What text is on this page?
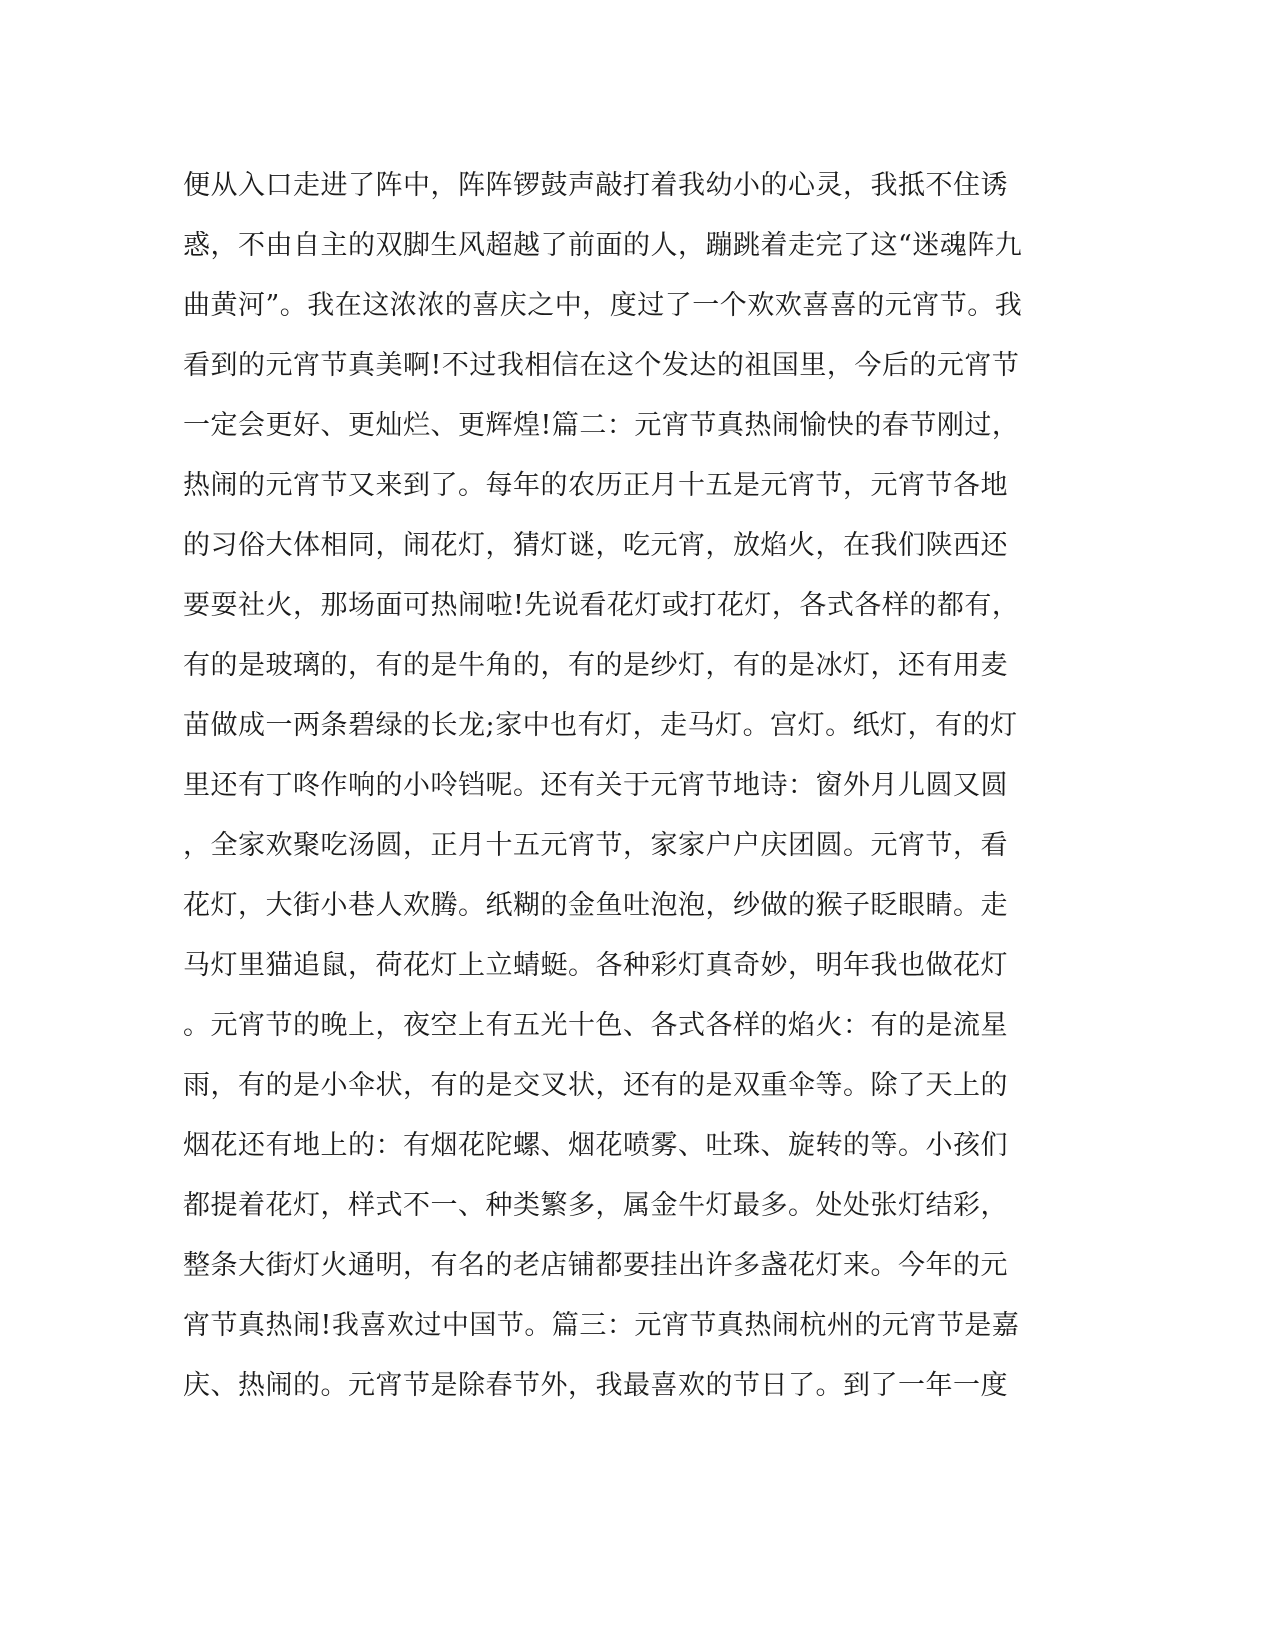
便从入口走进了阵中，阵阵锣鼓声敲打着我幼小的心灵，我抵不住诱
惑，不由自主的双脚生风超越了前面的人，蹦跳着走完了这“迷魂阵九
曲黄河”。我在这浓浓的喜庆之中，度过了一个欢欢喜喜的元宵节。我
看到的元宵节真美啊!不过我相信在这个发达的祖国里，今后的元宵节
一定会更好、更灿烂、更辉煌!篇二：元宵节真热闹愉快的春节刚过，
热闹的元宵节又来到了。每年的农历正月十五是元宵节，元宵节各地
的习俗大体相同，闹花灯，猜灯谜，吃元宵，放焰火，在我们陕西还
要耍社火，那场面可热闹啦!先说看花灯或打花灯，各式各样的都有，
有的是玻璃的，有的是牛角的，有的是纱灯，有的是冰灯，还有用麦
苗做成一两条碧绿的长龙;家中也有灯，走马灯。宫灯。纸灯，有的灯
里还有丁咚作响的小呤铛呢。还有关于元宵节地诗：窗外月儿圆又圆
，全家欢聚吃汤圆，正月十五元宵节，家家户户庆团圆。元宵节，看
花灯，大街小巷人欢腾。纸糊的金鱼吐泡泡，纱做的猴子眨眼睛。走
马灯里猫追鼠，荷花灯上立蜻蜓。各种彩灯真奇妙，明年我也做花灯
。元宵节的晚上，夜空上有五光十色、各式各样的焰火：有的是流星
雨，有的是小伞状，有的是交叉状，还有的是双重伞等。除了天上的
烟花还有地上的：有烟花陀螺、烟花喷雾、吐珠、旋转的等。小孩们
都提着花灯，样式不一、种类繁多，属金牛灯最多。处处张灯结彩，
整条大街灯火通明，有名的老店铺都要挂出许多盏花灯来。今年的元
宵节真热闹!我喜欢过中国节。篇三：元宵节真热闹杭州的元宵节是嘉
庆、热闹的。元宵节是除春节外，我最喜欢的节日了。到了一年一度
